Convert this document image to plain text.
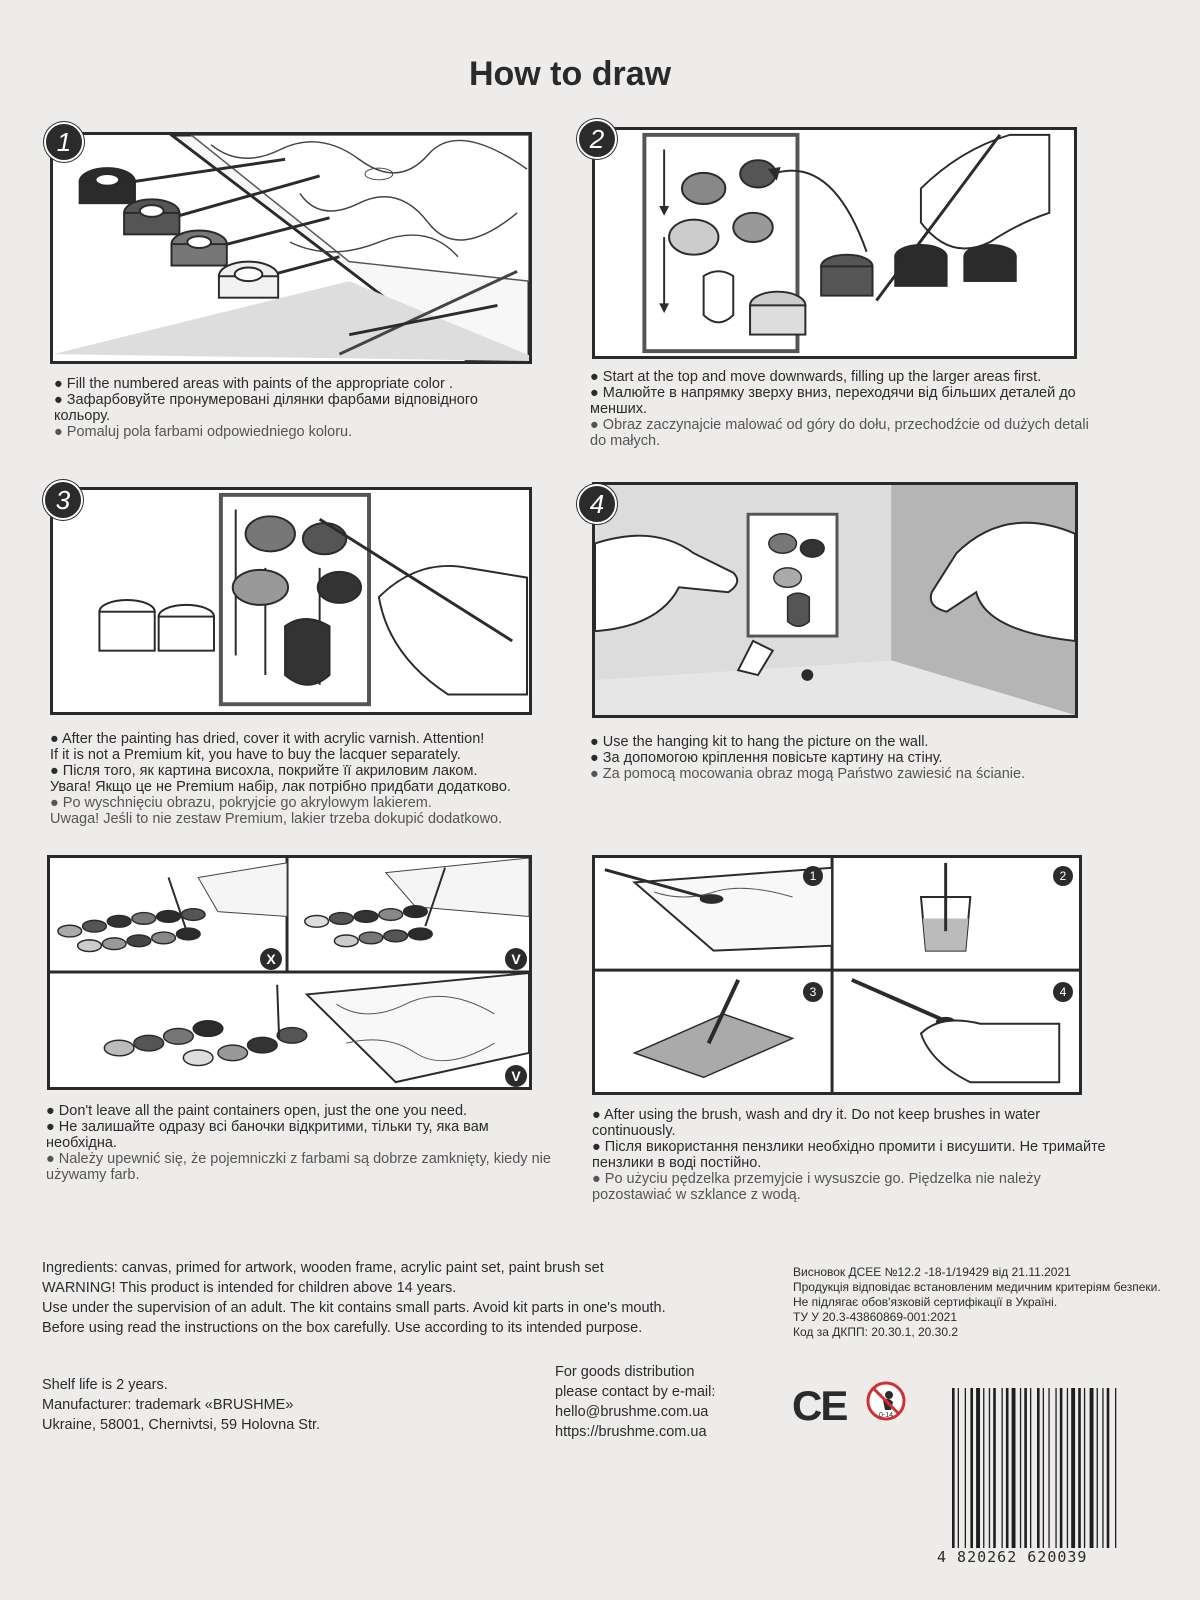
How to draw
1

● Fill the numbered areas with paints of the appropriate color .

● Зафарбовуйте пронумеровані ділянки фарбами відповідного кольору.

● Pomaluj pola farbami odpowiedniego koloru.

2

● Start at the top and move downwards, filling up the larger areas first.

● Малюйте в напрямку зверху вниз, переходячи від більших деталей до менших.

● Obraz zaczynajcie malować od góry do dołu, przechodźcie od dużych detali do małych.

3

● After the painting has dried, cover it with acrylic varnish. Attention!

If it is not a Premium kit, you have to buy the lacquer separately.

● Після того, як картина висохла, покрийте її акриловим лаком.

Увага! Якщо це не Premium набір, лак потрібно придбати додатково.

● Po wyschnięciu obrazu, pokryjcie go akrylowym lakierem.

Uwaga! Jeśli to nie zestaw Premium, lakier trzeba dokupić dodatkowo.

4

● Use the hanging kit to hang the picture on the wall.

● За допомогою кріплення повісьте картину на стіну.

● Za pomocą mocowania obraz mogą Państwo zawiesić na ścianie.

X	V
V

● Don't leave all the paint containers open, just the one you need.

● Не залишайте одразу всі баночки відкритими, тільки ту, яка вам необхідна.

● Należy upewnić się, że pojemniczki z farbami są dobrze zamknięty, kiedy nie używamy farb.

1	2
3	4

● After using the brush, wash and dry it. Do not keep brushes in water continuously.

● Після використання пензлики необхідно промити і висушити. Не тримайте пензлики в воді постійно.

● Po użyciu pędzelka przemyjcie i wysuszcie go. Piędzelka nie należy pozostawiać w szklance z wodą.

Ingredients: canvas, primed for artwork, wooden frame, acrylic paint set, paint brush set

WARNING! This product is intended for children above 14 years.

Use under the supervision of an adult. The kit contains small parts. Avoid kit parts in one's mouth.

Before using read the instructions on the box carefully. Use according to its intended purpose.

Висновок ДСЕЕ №12.2 -18-1/19429 від 21.11.2021

Продукція відповідає встановленим медичним критеріям безпеки.

Не підлягає обов'язковій сертифікації в Україні.

ТУ У 20.3-43860869-001:2021

Код за ДКПП: 20.30.1, 20.30.2

Shelf life is 2 years.

Manufacturer: trademark «BRUSHME»

Ukraine, 58001, Chernivtsi, 59 Holovna Str.

For goods distribution

please contact by e-mail:

hello@brushme.com.ua

https://brushme.com.ua

CE	0-14
4 820262 620039
